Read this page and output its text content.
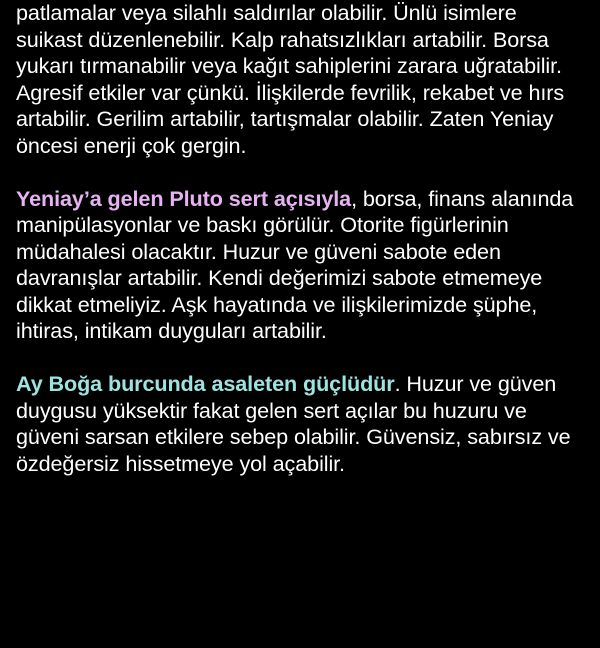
patlamalar veya silahlı saldırılar olabilir. Ünlü isimlere suikast düzenlenebilir. Kalp rahatsızlıkları artabilir. Borsa yukarı tırmanabilir veya kağıt sahiplerini zarara uğratabilir. Agresif etkiler var çünkü. İlişkilerde fevrilik, rekabet ve hırs artabilir. Gerilim artabilir, tartışmalar olabilir. Zaten Yeniay öncesi enerji çok gergin.

Yeniay’a gelen Pluto sert açısıyla, borsa, finans alanında manipülasyonlar ve baskı görülür. Otorite figürlerinin müdahalesi olacaktır. Huzur ve güveni sabote eden davranışlar artabilir. Kendi değerimizi sabote etmemeye dikkat etmeliyiz. Aşk hayatında ve ilişkilerimizde şüphe, ihtiras, intikam duyguları artabilir.

Ay Boğa burcunda asaleten güçlüdür. Huzur ve güven duygusu yüksektir fakat gelen sert açılar bu huzuru ve güveni sarsan etkilere sebep olabilir. Güvensiz, sabırsız ve özdeğersiz hissetmeye yol açabilir.
